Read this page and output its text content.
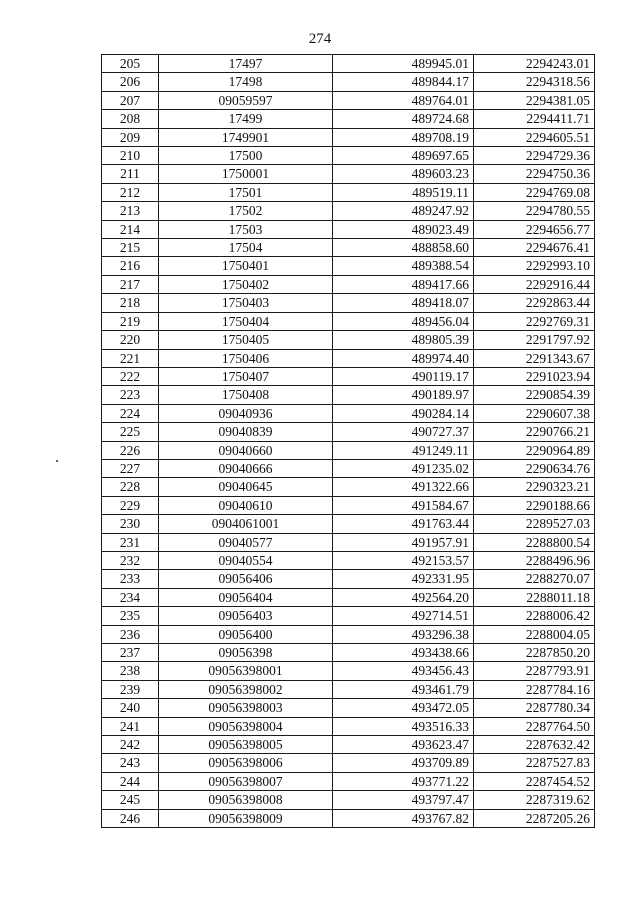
274
205	17497	489945.01	2294243.01
206	17498	489844.17	2294318.56
207	09059597	489764.01	2294381.05
208	17499	489724.68	2294411.71
209	1749901	489708.19	2294605.51
210	17500	489697.65	2294729.36
211	1750001	489603.23	2294750.36
212	17501	489519.11	2294769.08
213	17502	489247.92	2294780.55
214	17503	489023.49	2294656.77
215	17504	488858.60	2294676.41
216	1750401	489388.54	2292993.10
217	1750402	489417.66	2292916.44
218	1750403	489418.07	2292863.44
219	1750404	489456.04	2292769.31
220	1750405	489805.39	2291797.92
221	1750406	489974.40	2291343.67
222	1750407	490119.17	2291023.94
223	1750408	490189.97	2290854.39
224	09040936	490284.14	2290607.38
225	09040839	490727.37	2290766.21
226	09040660	491249.11	2290964.89
227	09040666	491235.02	2290634.76
228	09040645	491322.66	2290323.21
229	09040610	491584.67	2290188.66
230	0904061001	491763.44	2289527.03
231	09040577	491957.91	2288800.54
232	09040554	492153.57	2288496.96
233	09056406	492331.95	2288270.07
234	09056404	492564.20	2288011.18
235	09056403	492714.51	2288006.42
236	09056400	493296.38	2288004.05
237	09056398	493438.66	2287850.20
238	09056398001	493456.43	2287793.91
239	09056398002	493461.79	2287784.16
240	09056398003	493472.05	2287780.34
241	09056398004	493516.33	2287764.50
242	09056398005	493623.47	2287632.42
243	09056398006	493709.89	2287527.83
244	09056398007	493771.22	2287454.52
245	09056398008	493797.47	2287319.62
246	09056398009	493767.82	2287205.26
